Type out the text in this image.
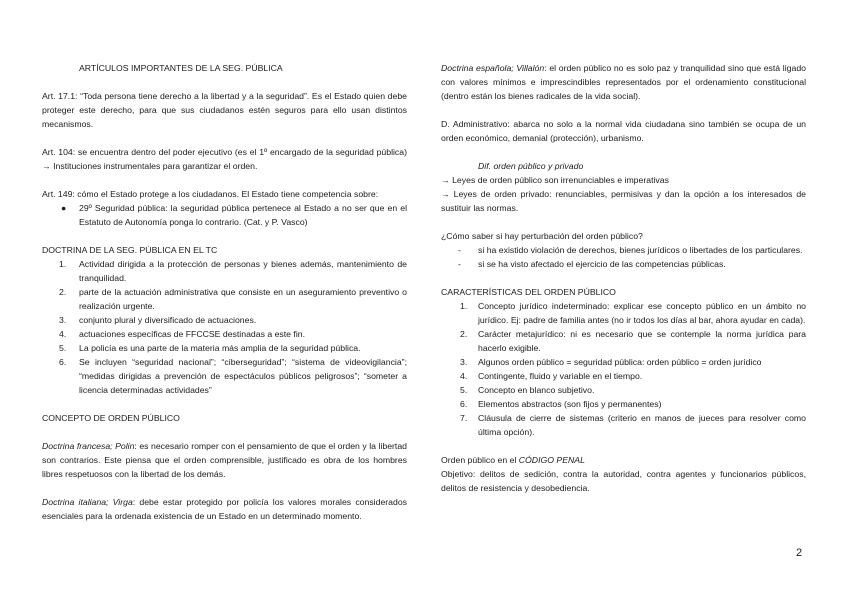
ARTÍCULOS IMPORTANTES DE LA SEG. PÚBLICA

Art. 17.1: “Toda persona tiene derecho a la libertad y a la seguridad”. Es el Estado quien debe proteger este derecho, para que sus ciudadanos estén seguros para ello usan distintos mecanismos.

Art. 104: se encuentra dentro del poder ejecutivo (es el 1º encargado de la seguridad pública) → Instituciones instrumentales para garantizar el orden.

Art. 149: cómo el Estado protege a los ciudadanos. El Estado tiene competencia sobre:

● 29º Seguridad pública: la seguridad pública pertenece al Estado a no ser que en el Estatuto de Autonomía ponga lo contrario. (Cat. y P. Vasco)

DOCTRINA DE LA SEG. PÚBLICA EN EL TC

1. Actividad dirigida a la protección de personas y bienes además, mantenimiento de tranquilidad.
2. parte de la actuación administrativa que consiste en un aseguramiento preventivo o realización urgente.
3. conjunto plural y diversificado de actuaciones.
4. actuaciones específicas de FFCCSE destinadas a este fin.
5. La policía es una parte de la materia más amplia de la seguridad pública.
6. Se incluyen “seguridad nacional”; “ciberseguridad”; “sistema de videovigilancia”; “medidas dirigidas a prevención de espectáculos públicos peligrosos”; “someter a licencia determinadas actividades”

CONCEPTO DE ORDEN PÚBLICO

Doctrina francesa; Polin: es necesario romper con el pensamiento de que el orden y la libertad son contrarios. Este piensa que el orden comprensible, justificado es obra de los hombres libres respetuosos con la libertad de los demás.

Doctrina italiana; Virga: debe estar protegido por policía los valores morales considerados esenciales para la ordenada existencia de un Estado en un determinado momento.

Doctrina española; Villalón: el orden público no es solo paz y tranquilidad sino que está ligado con valores mínimos e imprescindibles representados por el ordenamiento constitucional (dentro están los bienes radicales de la vida social).

D. Administrativo: abarca no solo a la normal vida ciudadana sino también se ocupa de un orden económico, demanial (protección), urbanismo.

Dif. orden público y privado

→ Leyes de orden público son irrenunciables e imperativas

→ Leyes de orden privado: renunciables, permisivas y dan la opción a los interesados de sustituir las normas.

¿Cómo saber si hay perturbación del orden público?

- si ha existido violación de derechos, bienes jurídicos o libertades de los particulares.
- si se ha visto afectado el ejercicio de las competencias públicas.

CARACTERÍSTICAS DEL ORDEN PÚBLICO

1. Concepto jurídico indeterminado: explicar ese concepto público en un ámbito no jurídico. Ej: padre de familia antes (no ir todos los días al bar, ahora ayudar en cada).
2. Carácter metajurídico: ni es necesario que se contemple la norma jurídica para hacerlo exigible.
3. Algunos orden público = seguridad pública: orden público = orden jurídico
4. Contingente, fluido y variable en el tiempo.
5. Concepto en blanco subjetivo.
6. Elementos abstractos (son fijos y permanentes)
7. Cláusula de cierre de sistemas (criterio en manos de jueces para resolver como última opción).

Orden público en el CÓDIGO PENAL

Objetivo: delitos de sedición, contra la autoridad, contra agentes y funcionarios públicos, delitos de resistencia y desobediencia.

2
